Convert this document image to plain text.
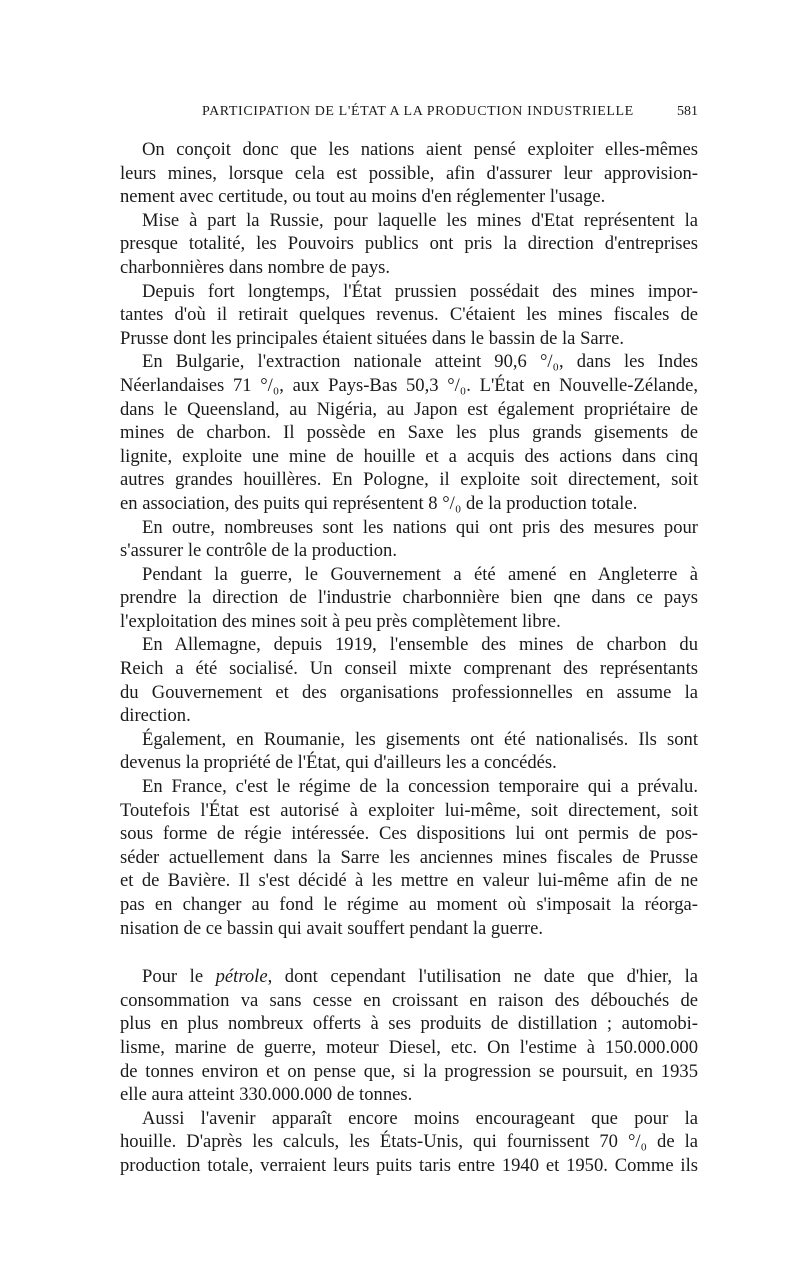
PARTICIPATION DE L'ÉTAT A LA PRODUCTION INDUSTRIELLE	581

On conçoit donc que les nations aient pensé exploiter elles-mêmes

leurs mines, lorsque cela est possible, afin d'assurer leur approvision-

nement avec certitude, ou tout au moins d'en réglementer l'usage.

Mise à part la Russie, pour laquelle les mines d'Etat représentent la

presque totalité, les Pouvoirs publics ont pris la direction d'entreprises

charbonnières dans nombre de pays.

Depuis fort longtemps, l'État prussien possédait des mines impor-

tantes d'où il retirait quelques revenus. C'étaient les mines fiscales de

Prusse dont les principales étaient situées dans le bassin de la Sarre.

En Bulgarie, l'extraction nationale atteint 90,6 °/₀, dans les Indes

Néerlandaises 71 °/₀, aux Pays-Bas 50,3 °/₀. L'État en Nouvelle-Zélande,

dans le Queensland, au Nigéria, au Japon est également propriétaire de

mines de charbon. Il possède en Saxe les plus grands gisements de

lignite, exploite une mine de houille et a acquis des actions dans cinq

autres grandes houillères. En Pologne, il exploite soit directement, soit

en association, des puits qui représentent 8 °/₀ de la production totale.

En outre, nombreuses sont les nations qui ont pris des mesures pour

s'assurer le contrôle de la production.

Pendant la guerre, le Gouvernement a été amené en Angleterre à

prendre la direction de l'industrie charbonnière bien qne dans ce pays

l'exploitation des mines soit à peu près complètement libre.

En Allemagne, depuis 1919, l'ensemble des mines de charbon du

Reich a été socialisé. Un conseil mixte comprenant des représentants

du Gouvernement et des organisations professionnelles en assume la

direction.

Également, en Roumanie, les gisements ont été nationalisés. Ils sont

devenus la propriété de l'État, qui d'ailleurs les a concédés.

En France, c'est le régime de la concession temporaire qui a prévalu.

Toutefois l'État est autorisé à exploiter lui-même, soit directement, soit

sous forme de régie intéressée. Ces dispositions lui ont permis de pos-

séder actuellement dans la Sarre les anciennes mines fiscales de Prusse

et de Bavière. Il s'est décidé à les mettre en valeur lui-même afin de ne

pas en changer au fond le régime au moment où s'imposait la réorga-

nisation de ce bassin qui avait souffert pendant la guerre.

Pour le pétrole, dont cependant l'utilisation ne date que d'hier, la

consommation va sans cesse en croissant en raison des débouchés de

plus en plus nombreux offerts à ses produits de distillation ; automobi-

lisme, marine de guerre, moteur Diesel, etc. On l'estime à 150.000.000

de tonnes environ et on pense que, si la progression se poursuit, en 1935

elle aura atteint 330.000.000 de tonnes.

Aussi l'avenir apparaît encore moins encourageant que pour la

houille. D'après les calculs, les États-Unis, qui fournissent 70 °/₀ de la

production totale, verraient leurs puits taris entre 1940 et 1950. Comme ils
